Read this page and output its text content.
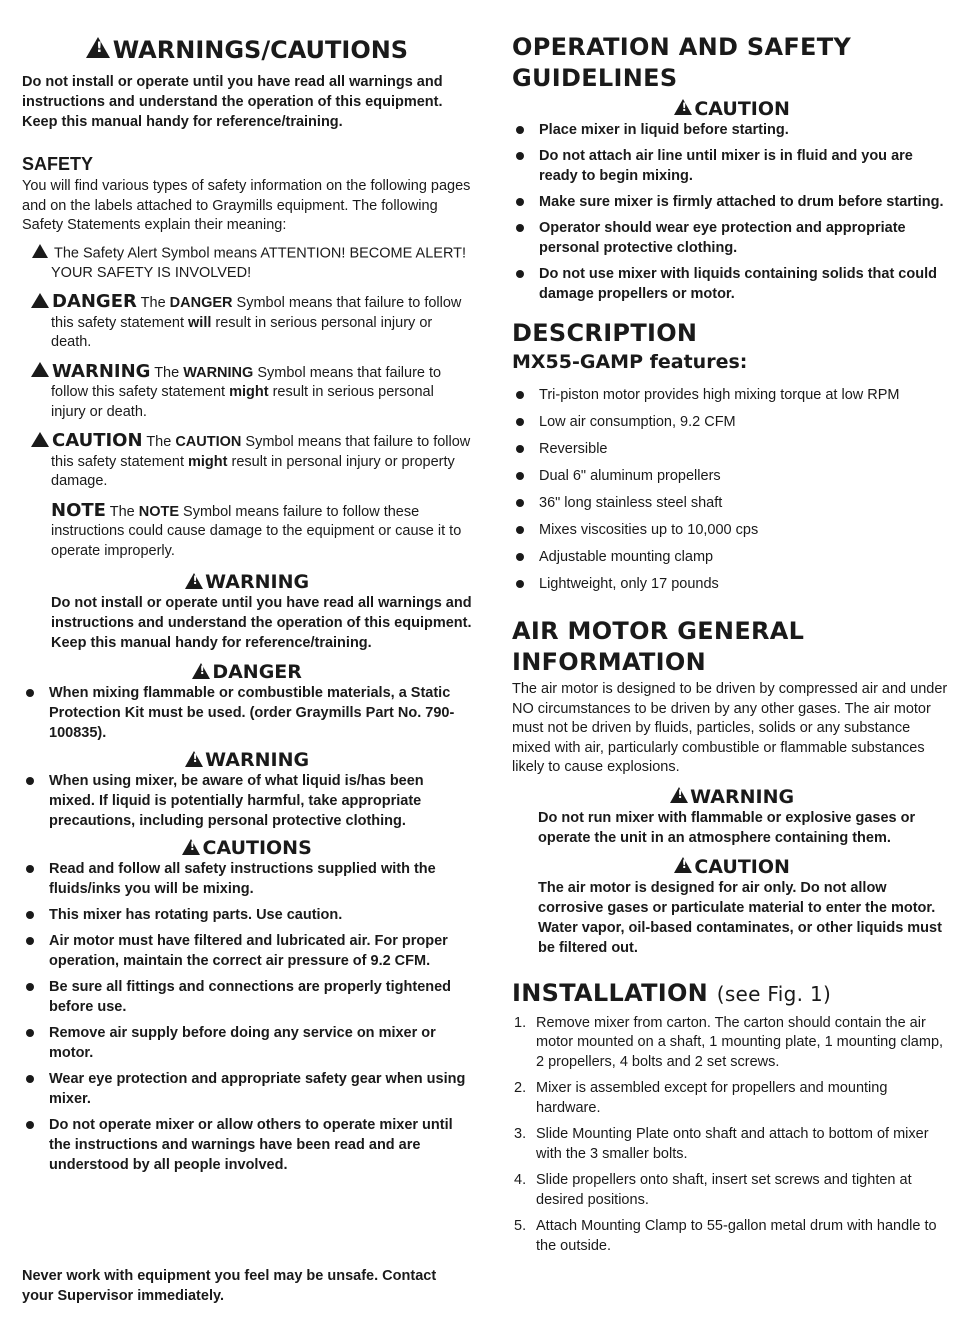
!WARNINGS/CAUTIONS

Do not install or operate until you have read all warnings and instructions and understand the operation of this equipment. Keep this manual handy for reference/training.

SAFETY

You will find various types of safety information on the following pages and on the labels attached to Graymills equipment. The following Safety Statements explain their meaning:

!The Safety Alert Symbol means ATTENTION! BECOME ALERT! YOUR SAFETY IS INVOLVED!

!DANGER The DANGER Symbol means that failure to follow this safety statement will result in serious personal injury or death.

!WARNING The WARNING Symbol means that failure to follow this safety statement might result in serious personal injury or death.

!CAUTION The CAUTION Symbol means that failure to follow this safety statement might result in personal injury or property damage.

NOTE The NOTE Symbol means failure to follow these instructions could cause damage to the equipment or cause it to operate improperly.

!WARNING

Do not install or operate until you have read all warnings and instructions and understand the operation of this equipment. Keep this manual handy for reference/training.

!DANGER
When mixing flammable or combustible materials, a Static Protection Kit must be used. (order Graymills Part No. 790-100835).
!WARNING
When using mixer, be aware of what liquid is/has been mixed. If liquid is potentially harmful, take appropriate precautions, including personal protective clothing.
!CAUTIONS
Read and follow all safety instructions supplied with the fluids/inks you will be mixing.
This mixer has rotating parts. Use caution.
Air motor must have filtered and lubricated air. For proper operation, maintain the correct air pressure of 9.2 CFM.
Be sure all fittings and connections are properly tightened before use.
Remove air supply before doing any service on mixer or motor.
Wear eye protection and appropriate safety gear when using mixer.
Do not operate mixer or allow others to operate mixer until the instructions and warnings have been read and are understood by all people involved.

Never work with equipment you feel may be unsafe. Contact your Supervisor immediately.

OPERATION AND SAFETY GUIDELINES
!CAUTION
Place mixer in liquid before starting.
Do not attach air line until mixer is in fluid and you are ready to begin mixing.
Make sure mixer is firmly attached to drum before starting.
Operator should wear eye protection and appropriate personal protective clothing.
Do not use mixer with liquids containing solids that could damage propellers or motor.
DESCRIPTION
MX55-GAMP features:
Tri-piston motor provides high mixing torque at low RPM
Low air consumption, 9.2 CFM
Reversible
Dual 6" aluminum propellers
36" long stainless steel shaft
Mixes viscosities up to 10,000 cps
Adjustable mounting clamp
Lightweight, only 17 pounds
AIR MOTOR GENERAL INFORMATION

The air motor is designed to be driven by compressed air and under NO circumstances to be driven by any other gases. The air motor must not be driven by fluids, particles, solids or any substance mixed with air, particularly combustible or flammable substances likely to cause explosions.

!WARNING

Do not run mixer with flammable or explosive gases or operate the unit in an atmosphere containing them.

!CAUTION

The air motor is designed for air only. Do not allow corrosive gases or particulate material to enter the motor. Water vapor, oil-based contaminates, or other liquids must be filtered out.

INSTALLATION (see Fig. 1)
1. Remove mixer from carton. The carton should contain the air motor mounted on a shaft, 1 mounting plate, 1 mounting clamp, 2 propellers, 4 bolts and 2 set screws.
2. Mixer is assembled except for propellers and mounting hardware.
3. Slide Mounting Plate onto shaft and attach to bottom of mixer with the 3 smaller bolts.
4. Slide propellers onto shaft, insert set screws and tighten at desired positions.
5. Attach Mounting Clamp to 55-gallon metal drum with handle to the outside.
